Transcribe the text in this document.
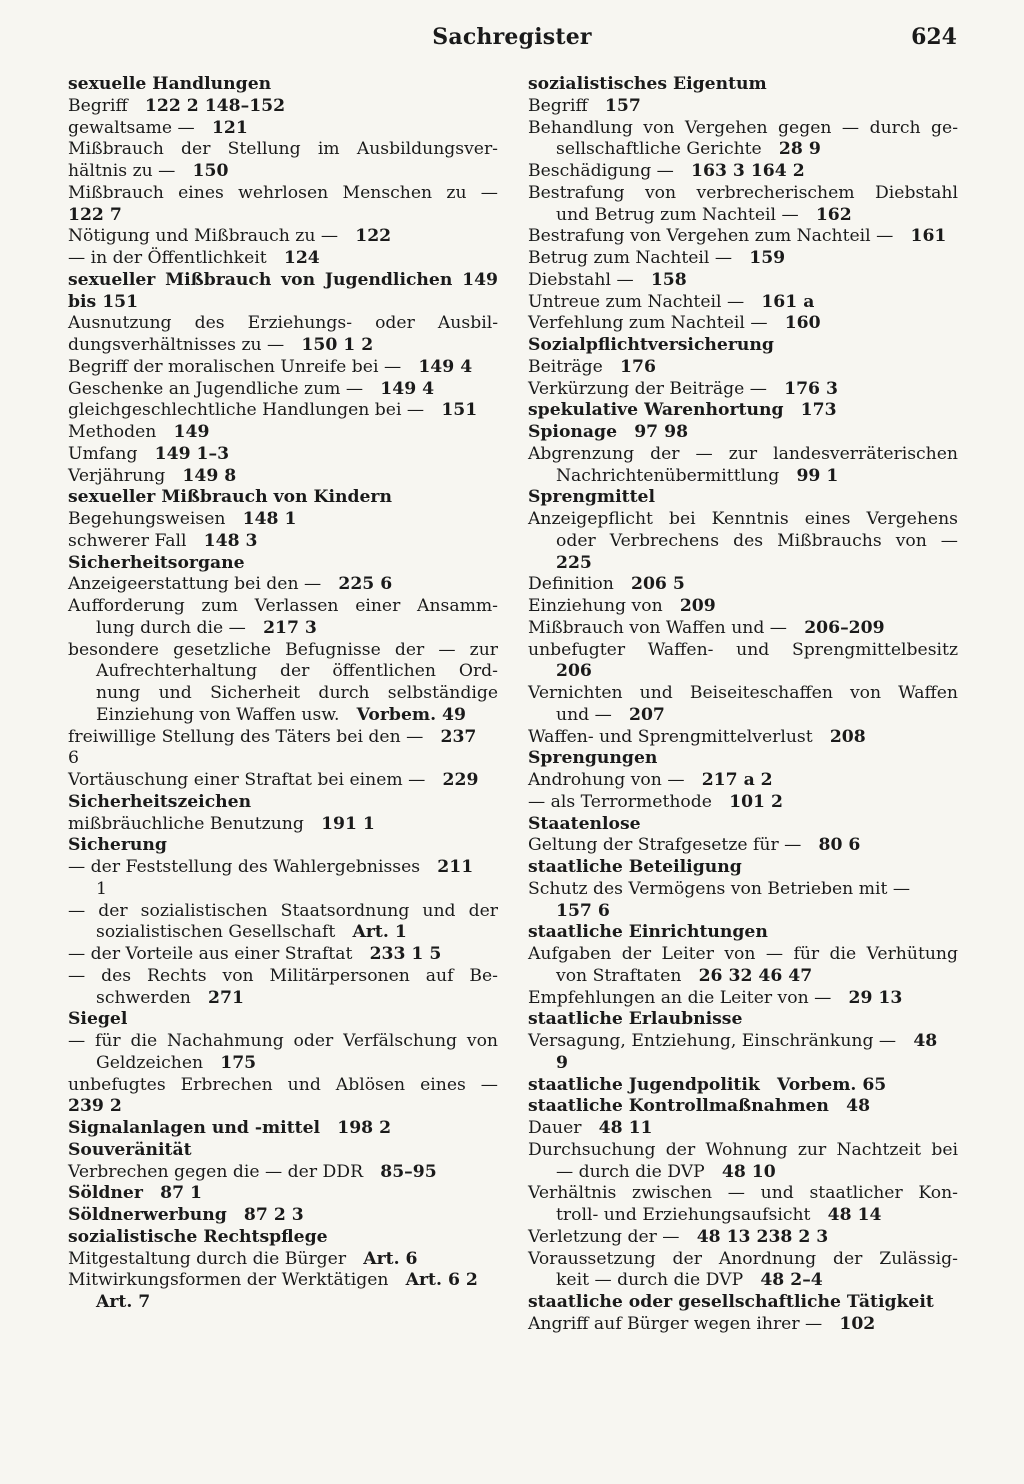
Sachregister	624
sexuelle Handlungen
Begriff  122 2 148–152
gewaltsame —  121
Mißbrauch der Stellung im Ausbildungsver-
hältnis zu —  150
Mißbrauch eines wehrlosen Menschen zu —
122 7
Nötigung und Mißbrauch zu —  122
— in der Öffentlichkeit  124
sexueller Mißbrauch von Jugendlichen 149
bis 151
Ausnutzung des Erziehungs- oder Ausbil-
dungsverhältnisses zu —  150 1 2
Begriff der moralischen Unreife bei —  149 4
Geschenke an Jugendliche zum —  149 4
gleichgeschlechtliche Handlungen bei —  151
Methoden  149
Umfang  149 1–3
Verjährung  149 8
sexueller Mißbrauch von Kindern
Begehungsweisen  148 1
schwerer Fall  148 3
Sicherheitsorgane
Anzeigeerstattung bei den —  225 6
Aufforderung zum Verlassen einer Ansamm-
lung durch die —  217 3
besondere gesetzliche Befugnisse der — zur
Aufrechterhaltung der öffentlichen Ord-
nung und Sicherheit durch selbständige
Einziehung von Waffen usw.  Vorbem. 49
freiwillige Stellung des Täters bei den —  237
6
Vortäuschung einer Straftat bei einem —  229
Sicherheitszeichen
mißbräuchliche Benutzung  191 1
Sicherung
— der Feststellung des Wahlergebnisses  211
1
— der sozialistischen Staatsordnung und der
sozialistischen Gesellschaft  Art. 1
— der Vorteile aus einer Straftat  233 1 5
— des Rechts von Militärpersonen auf Be-
schwerden  271
Siegel
— für die Nachahmung oder Verfälschung von
Geldzeichen  175
unbefugtes Erbrechen und Ablösen eines —
239 2
Signalanlagen und -mittel  198 2
Souveränität
Verbrechen gegen die — der DDR  85–95
Söldner  87 1
Söldnerwerbung  87 2 3
sozialistische Rechtspflege
Mitgestaltung durch die Bürger  Art. 6
Mitwirkungsformen der Werktätigen  Art. 6 2
Art. 7
sozialistisches Eigentum
Begriff  157
Behandlung von Vergehen gegen — durch ge-
sellschaftliche Gerichte  28 9
Beschädigung —  163 3 164 2
Bestrafung von verbrecherischem Diebstahl
und Betrug zum Nachteil —  162
Bestrafung von Vergehen zum Nachteil —  161
Betrug zum Nachteil —  159
Diebstahl —  158
Untreue zum Nachteil —  161 a
Verfehlung zum Nachteil —  160
Sozialpflichtversicherung
Beiträge  176
Verkürzung der Beiträge —  176 3
spekulative Warenhortung  173
Spionage  97 98
Abgrenzung der — zur landesverräterischen
Nachrichtenübermittlung  99 1
Sprengmittel
Anzeigepflicht bei Kenntnis eines Vergehens
oder Verbrechens des Mißbrauchs von —
225
Definition  206 5
Einziehung von  209
Mißbrauch von Waffen und —  206–209
unbefugter Waffen- und Sprengmittelbesitz
206
Vernichten und Beiseiteschaffen von Waffen
und —  207
Waffen- und Sprengmittelverlust  208
Sprengungen
Androhung von —  217 a 2
— als Terrormethode  101 2
Staatenlose
Geltung der Strafgesetze für —  80 6
staatliche Beteiligung
Schutz des Vermögens von Betrieben mit —
157 6
staatliche Einrichtungen
Aufgaben der Leiter von — für die Verhütung
von Straftaten  26 32 46 47
Empfehlungen an die Leiter von —  29 13
staatliche Erlaubnisse
Versagung, Entziehung, Einschränkung —  48
9
staatliche Jugendpolitik  Vorbem. 65
staatliche Kontrollmaßnahmen  48
Dauer  48 11
Durchsuchung der Wohnung zur Nachtzeit bei
— durch die DVP  48 10
Verhältnis zwischen — und staatlicher Kon-
troll- und Erziehungsaufsicht  48 14
Verletzung der —  48 13 238 2 3
Voraussetzung der Anordnung der Zulässig-
keit — durch die DVP  48 2–4
staatliche oder gesellschaftliche Tätigkeit
Angriff auf Bürger wegen ihrer —  102
